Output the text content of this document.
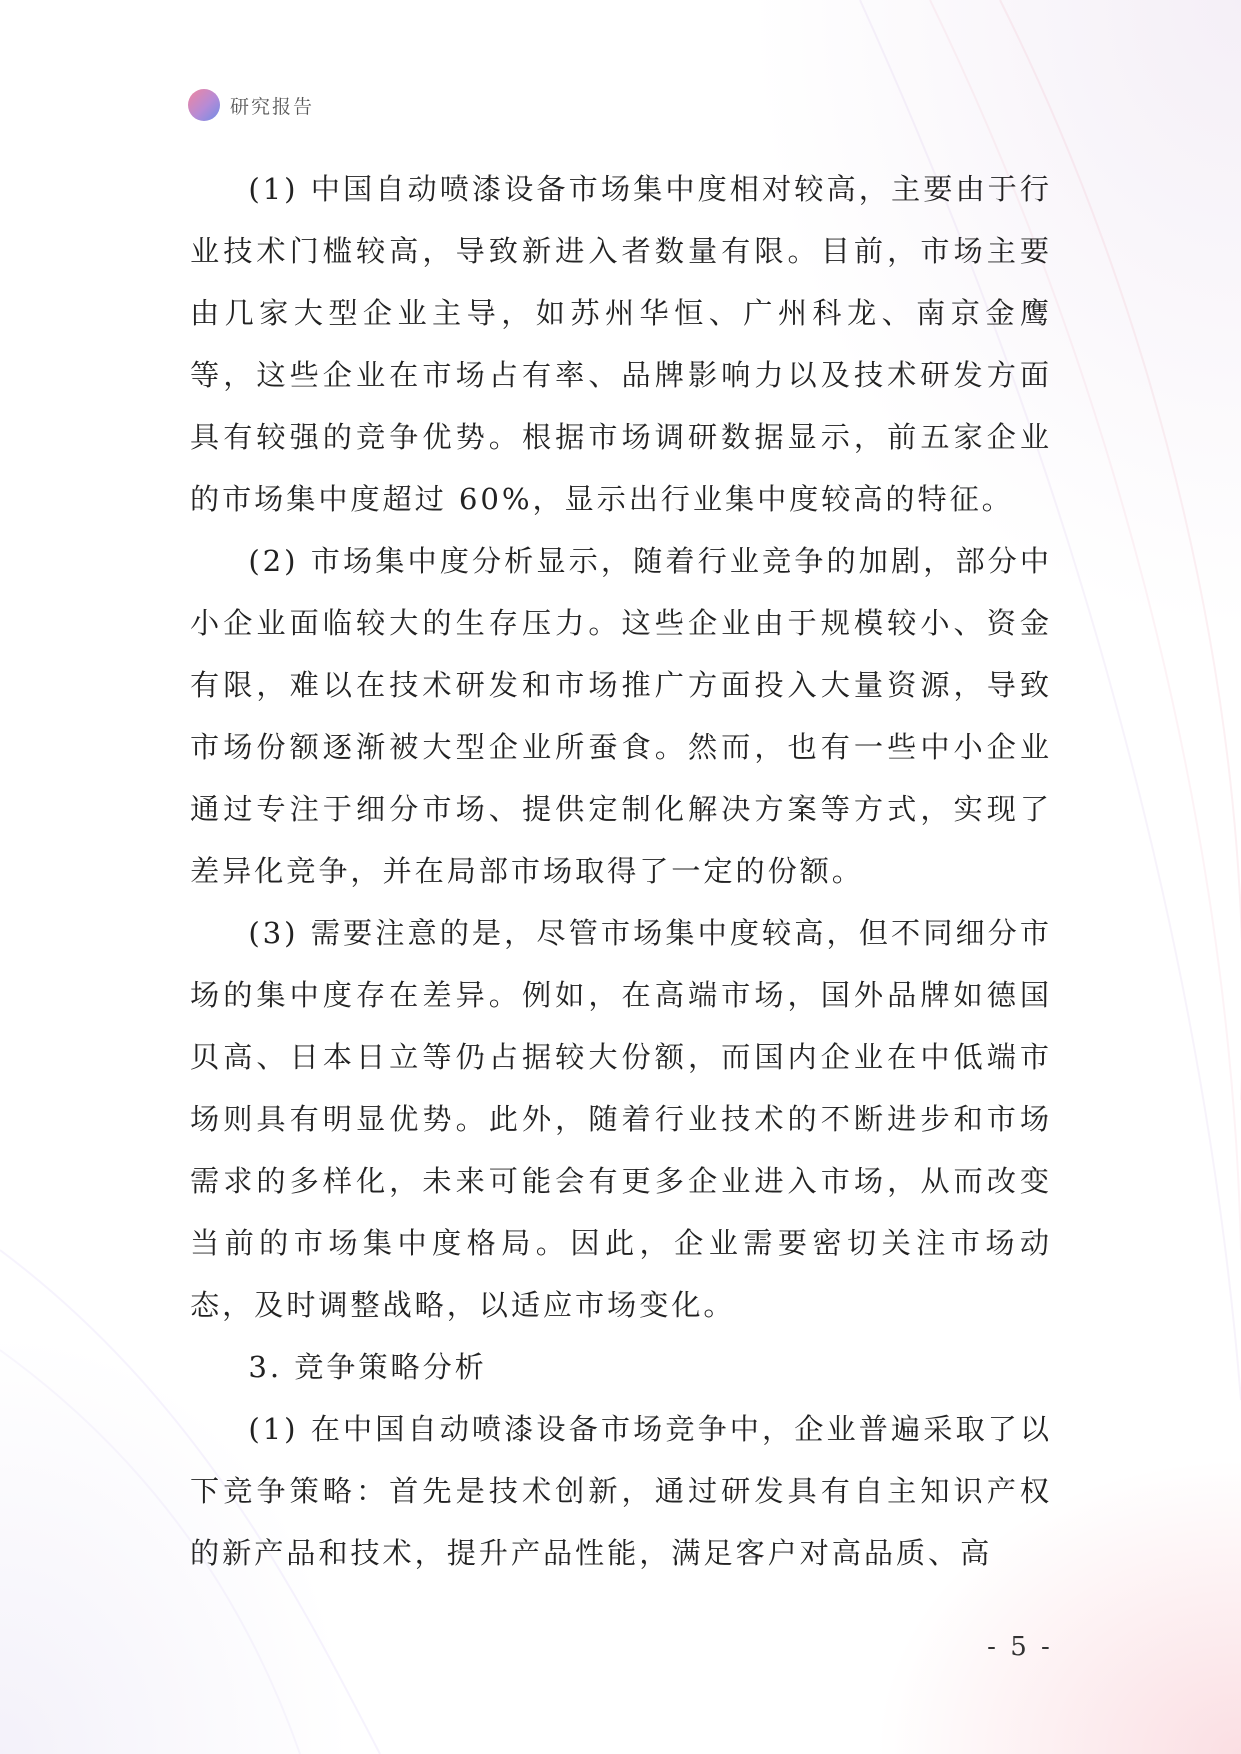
研究报告

(1) 中国自动喷漆设备市场集中度相对较高，主要由于行业技术门槛较高，导致新进入者数量有限。目前，市场主要由几家大型企业主导，如苏州华恒、广州科龙、南京金鹰等，这些企业在市场占有率、品牌影响力以及技术研发方面具有较强的竞争优势。根据市场调研数据显示，前五家企业的市场集中度超过 60%，显示出行业集中度较高的特征。

(2) 市场集中度分析显示，随着行业竞争的加剧，部分中小企业面临较大的生存压力。这些企业由于规模较小、资金有限，难以在技术研发和市场推广方面投入大量资源，导致市场份额逐渐被大型企业所蚕食。然而，也有一些中小企业通过专注于细分市场、提供定制化解决方案等方式，实现了差异化竞争，并在局部市场取得了一定的份额。

(3) 需要注意的是，尽管市场集中度较高，但不同细分市场的集中度存在差异。例如，在高端市场，国外品牌如德国贝高、日本日立等仍占据较大份额，而国内企业在中低端市场则具有明显优势。此外，随着行业技术的不断进步和市场需求的多样化，未来可能会有更多企业进入市场，从而改变当前的市场集中度格局。因此，企业需要密切关注市场动态，及时调整战略，以适应市场变化。

3. 竞争策略分析

(1) 在中国自动喷漆设备市场竞争中，企业普遍采取了以下竞争策略：首先是技术创新，通过研发具有自主知识产权的新产品和技术，提升产品性能，满足客户对高品质、高

- 5 -
